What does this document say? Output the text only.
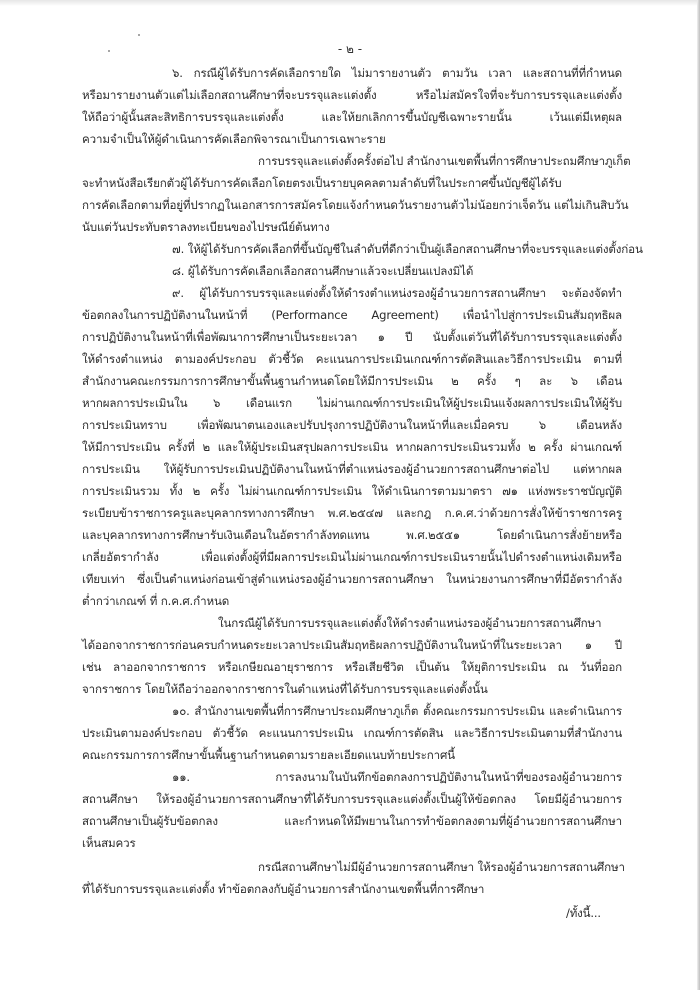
- ๒ -
๖. กรณีผู้ได้รับการคัดเลือกรายใด ไม่มารายงานตัว ตามวัน เวลา และสถานที่ที่กำหนด
หรือมารายงานตัวแต่ไม่เลือกสถานศึกษาที่จะบรรจุและแต่งตั้ง หรือไม่สมัครใจที่จะรับการบรรจุและแต่งตั้ง
ให้ถือว่าผู้นั้นสละสิทธิการบรรจุและแต่งตั้ง และให้ยกเลิกการขึ้นบัญชีเฉพาะรายนั้น เว้นแต่มีเหตุผล
ความจำเป็นให้ผู้ดำเนินการคัดเลือกพิจารณาเป็นการเฉพาะราย
การบรรจุและแต่งตั้งครั้งต่อไป สำนักงานเขตพื้นที่การศึกษาประถมศึกษาภูเก็ต
จะทำหนังสือเรียกตัวผู้ได้รับการคัดเลือกโดยตรงเป็นรายบุคคลตามลำดับที่ในประกาศขึ้นบัญชีผู้ได้รับ
การคัดเลือกตามที่อยู่ที่ปรากฏในเอกสารการสมัครโดยแจ้งกำหนดวันรายงานตัวไม่น้อยกว่าเจ็ดวัน แต่ไม่เกินสิบวัน
นับแต่วันประทับตราลงทะเบียนของไปรษณีย์ต้นทาง
๗. ให้ผู้ได้รับการคัดเลือกที่ขึ้นบัญชีในลำดับที่ดีกว่าเป็นผู้เลือกสถานศึกษาที่จะบรรจุและแต่งตั้งก่อน
๘. ผู้ได้รับการคัดเลือกเลือกสถานศึกษาแล้วจะเปลี่ยนแปลงมิได้
๙. ผู้ได้รับการบรรจุและแต่งตั้งให้ดำรงตำแหน่งรองผู้อำนวยการสถานศึกษา จะต้องจัดทำ
ข้อตกลงในการปฏิบัติงานในหน้าที่ (Performance Agreement) เพื่อนำไปสู่การประเมินสัมฤทธิผล
การปฏิบัติงานในหน้าที่เพื่อพัฒนาการศึกษาเป็นระยะเวลา ๑ ปี นับตั้งแต่วันที่ได้รับการบรรจุและแต่งตั้ง
ให้ดำรงตำแหน่ง ตามองค์ประกอบ ตัวชี้วัด คะแนนการประเมินเกณฑ์การตัดสินและวิธีการประเมิน ตามที่
สำนักงานคณะกรรมการการศึกษาขั้นพื้นฐานกำหนดโดยให้มีการประเมิน ๒ ครั้ง ๆ ละ ๖ เดือน
หากผลการประเมินใน ๖ เดือนแรก ไม่ผ่านเกณฑ์การประเมินให้ผู้ประเมินแจ้งผลการประเมินให้ผู้รับ
การประเมินทราบ เพื่อพัฒนาตนเองและปรับปรุงการปฏิบัติงานในหน้าที่และเมื่อครบ ๖ เดือนหลัง
ให้มีการประเมิน ครั้งที่ ๒ และให้ผู้ประเมินสรุปผลการประเมิน หากผลการประเมินรวมทั้ง ๒ ครั้ง ผ่านเกณฑ์
การประเมิน ให้ผู้รับการประเมินปฏิบัติงานในหน้าที่ตำแหน่งรองผู้อำนวยการสถานศึกษาต่อไป แต่หากผล
การประเมินรวม ทั้ง ๒ ครั้ง ไม่ผ่านเกณฑ์การประเมิน ให้ดำเนินการตามมาตรา ๗๑ แห่งพระราชบัญญัติ
ระเบียบข้าราชการครูและบุคลากรทางการศึกษา พ.ศ.๒๕๔๗ และกฎ ก.ค.ศ.ว่าด้วยการสั่งให้ข้าราชการครู
และบุคลากรทางการศึกษารับเงินเดือนในอัตรากำลังทดแทน พ.ศ.๒๕๕๑ โดยดำเนินการสั่งย้ายหรือ
เกลี่ยอัตรากำลัง เพื่อแต่งตั้งผู้ที่มีผลการประเมินไม่ผ่านเกณฑ์การประเมินรายนั้นไปดำรงตำแหน่งเดิมหรือ
เทียบเท่า ซึ่งเป็นตำแหน่งก่อนเข้าสู่ตำแหน่งรองผู้อำนวยการสถานศึกษา ในหน่วยงานการศึกษาที่มีอัตรากำลัง
ต่ำกว่าเกณฑ์ ที่ ก.ค.ศ.กำหนด
ในกรณีผู้ได้รับการบรรจุและแต่งตั้งให้ดำรงตำแหน่งรองผู้อำนวยการสถานศึกษา
ได้ออกจากราชการก่อนครบกำหนดระยะเวลาประเมินสัมฤทธิผลการปฏิบัติงานในหน้าที่ในระยะเวลา ๑ ปี
เช่น ลาออกจากราชการ หรือเกษียณอายุราชการ หรือเสียชีวิต เป็นต้น ให้ยุติการประเมิน ณ วันที่ออก
จากราชการ โดยให้ถือว่าออกจากราชการในตำแหน่งที่ได้รับการบรรจุและแต่งตั้งนั้น
๑๐. สำนักงานเขตพื้นที่การศึกษาประถมศึกษาภูเก็ต ตั้งคณะกรรมการประเมิน และดำเนินการ
ประเมินตามองค์ประกอบ ตัวชี้วัด คะแนนการประเมิน เกณฑ์การตัดสิน และวิธีการประเมินตามที่สำนักงาน
คณะกรรมการการศึกษาขั้นพื้นฐานกำหนดตามรายละเอียดแนบท้ายประกาศนี้
๑๑. การลงนามในบันทึกข้อตกลงการปฏิบัติงานในหน้าที่ของรองผู้อำนวยการ
สถานศึกษา ให้รองผู้อำนวยการสถานศึกษาที่ได้รับการบรรจุและแต่งตั้งเป็นผู้ให้ข้อตกลง โดยมีผู้อำนวยการ
สถานศึกษาเป็นผู้รับข้อตกลง และกำหนดให้มีพยานในการทำข้อตกลงตามที่ผู้อำนวยการสถานศึกษา
เห็นสมควร
กรณีสถานศึกษาไม่มีผู้อำนวยการสถานศึกษา ให้รองผู้อำนวยการสถานศึกษา
ที่ได้รับการบรรจุและแต่งตั้ง ทำข้อตกลงกับผู้อำนวยการสำนักงานเขตพื้นที่การศึกษา
/ทั้งนี้...
